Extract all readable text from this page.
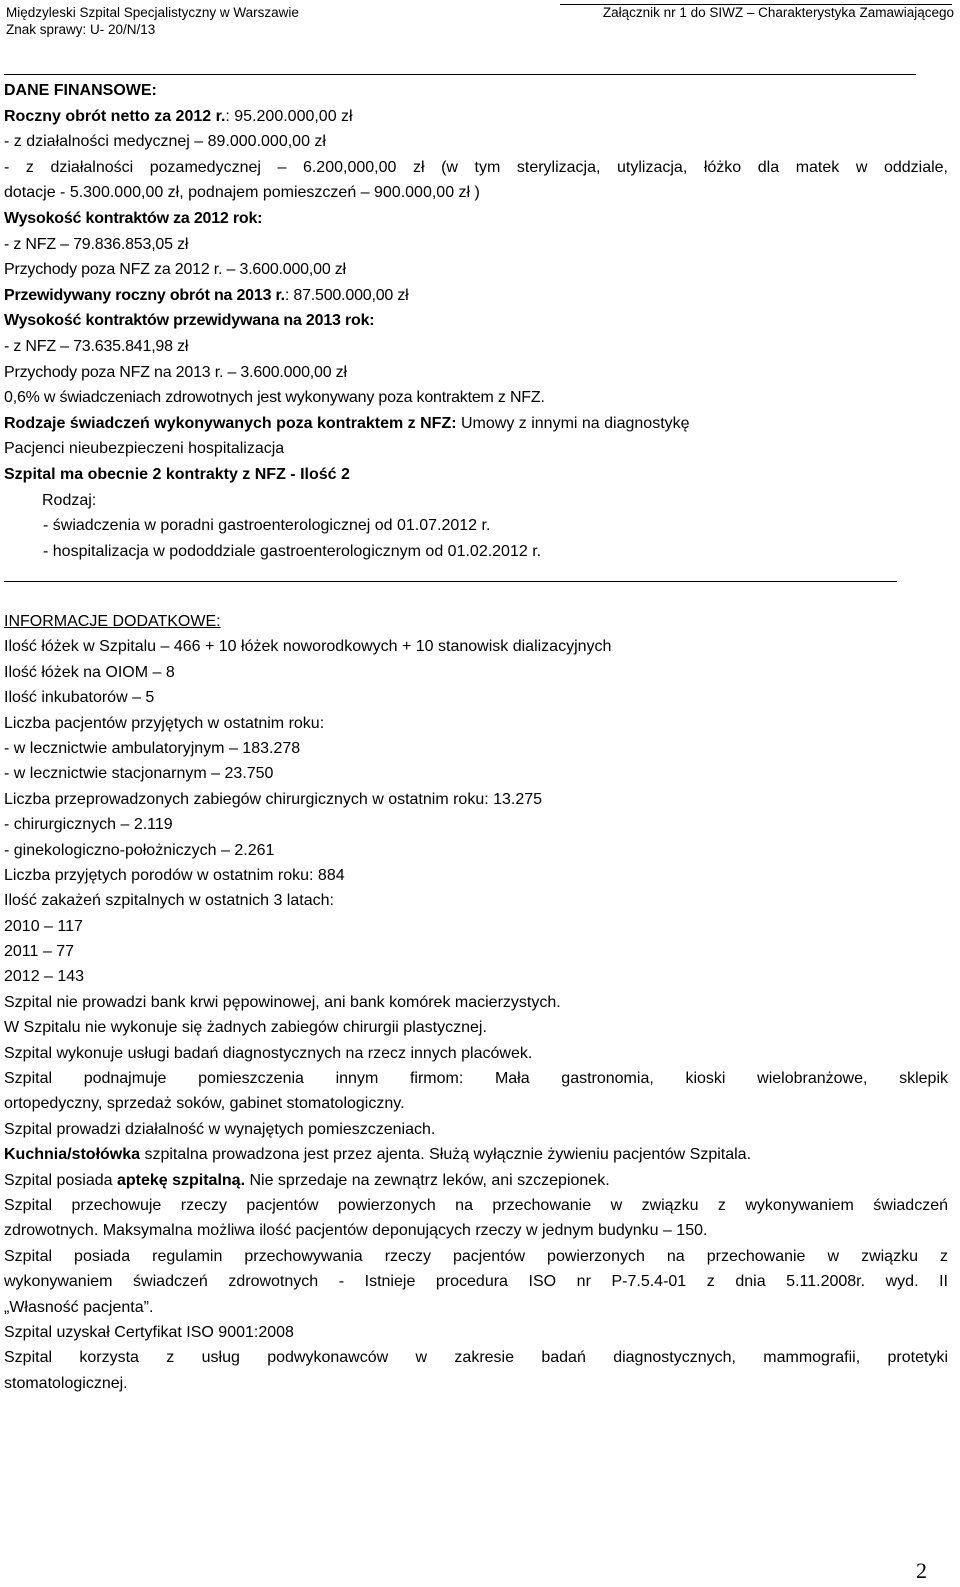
Międzyleski Szpital Specjalistyczny w Warszawie
Znak sprawy: U- 20/N/13
Załącznik nr 1 do SIWZ – Charakterystyka Zamawiającego

DANE FINANSOWE:

Roczny obrót netto za 2012 r.: 95.200.000,00 zł

- z działalności medycznej – 89.000.000,00 zł

- z działalności pozamedycznej – 6.200,000,00 zł (w tym sterylizacja, utylizacja, łóżko dla matek w oddziale,

dotacje - 5.300.000,00 zł, podnajem pomieszczeń – 900.000,00 zł )

Wysokość kontraktów za 2012 rok:

- z NFZ – 79.836.853,05 zł

Przychody poza NFZ za 2012 r. – 3.600.000,00 zł

Przewidywany roczny obrót na 2013 r.: 87.500.000,00 zł

Wysokość kontraktów przewidywana na 2013 rok:

- z NFZ – 73.635.841,98 zł

Przychody poza NFZ na 2013 r. – 3.600.000,00 zł

0,6% w świadczeniach zdrowotnych jest wykonywany poza kontraktem z NFZ.

Rodzaje świadczeń wykonywanych poza kontraktem z NFZ: Umowy z innymi na diagnostykę

Pacjenci nieubezpieczeni hospitalizacja

Szpital ma obecnie 2 kontrakty z NFZ - Ilość 2

Rodzaj:

- świadczenia w poradni gastroenterologicznej od 01.07.2012 r.

- hospitalizacja w pododdziale gastroenterologicznym od 01.02.2012 r.

INFORMACJE DODATKOWE:

Ilość łóżek w Szpitalu – 466 + 10 łóżek noworodkowych + 10 stanowisk dializacyjnych

Ilość łóżek na OIOM – 8

Ilość inkubatorów – 5

Liczba pacjentów przyjętych w ostatnim roku:

- w lecznictwie ambulatoryjnym – 183.278

- w lecznictwie stacjonarnym – 23.750

Liczba przeprowadzonych zabiegów chirurgicznych w ostatnim roku: 13.275

- chirurgicznych – 2.119

- ginekologiczno-położniczych – 2.261

Liczba przyjętych porodów w ostatnim roku: 884

Ilość zakażeń szpitalnych w ostatnich 3 latach:

2010 – 117

2011 – 77

2012 – 143

Szpital nie prowadzi bank krwi pępowinowej, ani bank komórek macierzystych.

W Szpitalu nie wykonuje się żadnych zabiegów chirurgii plastycznej.

Szpital wykonuje usługi badań diagnostycznych na rzecz innych placówek.

Szpital podnajmuje pomieszczenia innym firmom: Mała gastronomia, kioski wielobranżowe, sklepik

ortopedyczny, sprzedaż soków, gabinet stomatologiczny.

Szpital prowadzi działalność w wynajętych pomieszczeniach.

Kuchnia/stołówka szpitalna prowadzona jest przez ajenta. Służą wyłącznie żywieniu pacjentów Szpitala.

Szpital posiada aptekę szpitalną. Nie sprzedaje na zewnątrz leków, ani szczepionek.

Szpital przechowuje rzeczy pacjentów powierzonych na przechowanie w związku z wykonywaniem świadczeń

zdrowotnych. Maksymalna możliwa ilość pacjentów deponujących rzeczy w jednym budynku – 150.

Szpital posiada regulamin przechowywania rzeczy pacjentów powierzonych na przechowanie w związku z

wykonywaniem świadczeń zdrowotnych - Istnieje procedura ISO nr P-7.5.4-01 z dnia 5.11.2008r. wyd. II

„Własność pacjenta”.

Szpital uzyskał Certyfikat ISO 9001:2008

Szpital korzysta z usług podwykonawców w zakresie badań diagnostycznych, mammografii, protetyki

stomatologicznej.

2
